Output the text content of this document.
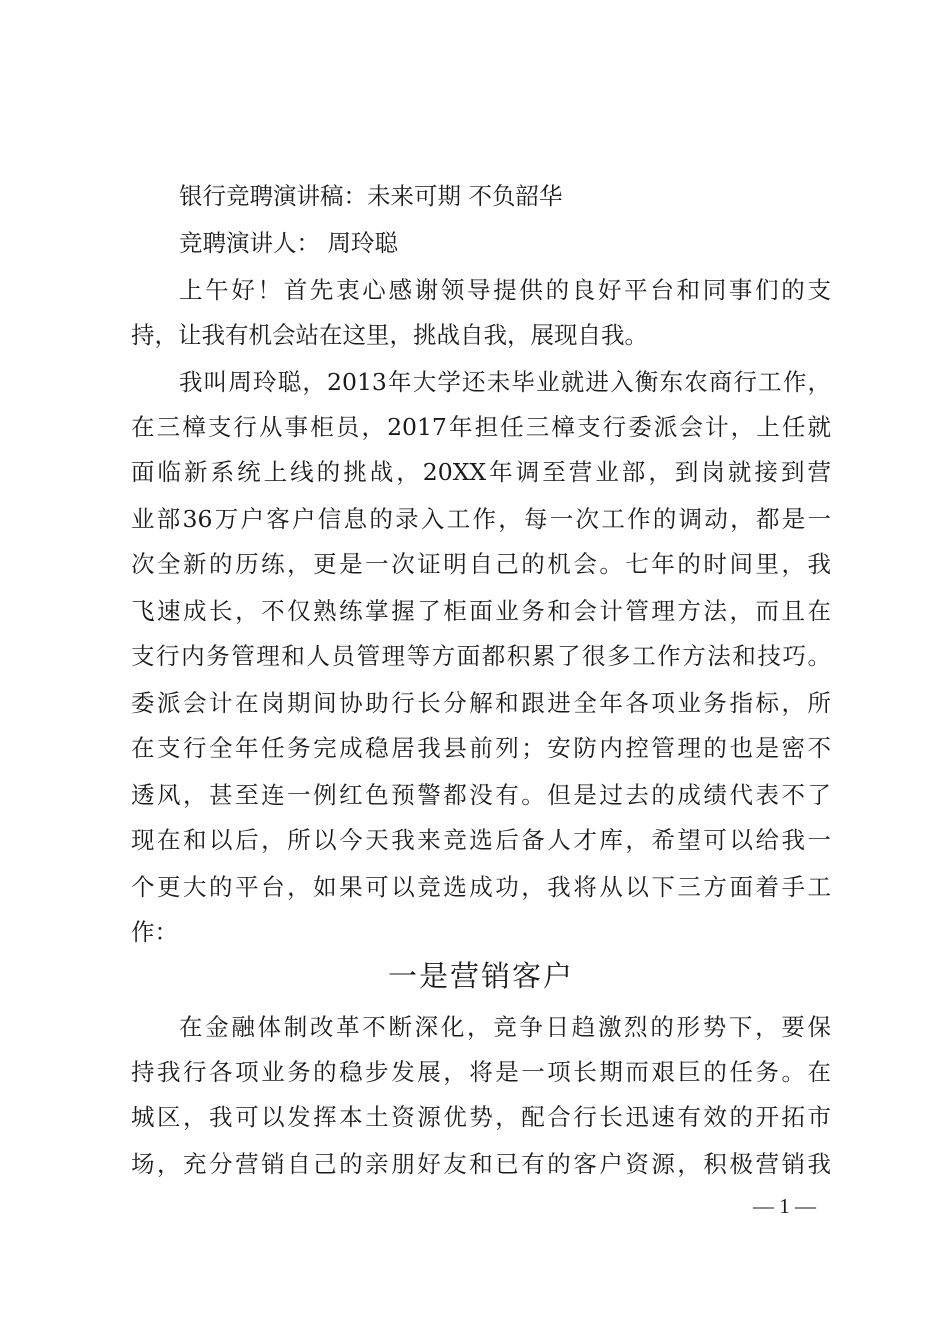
银行竞聘演讲稿：未来可期 不负韶华
竞聘演讲人： 周玲聪
上午好！首先衷心感谢领导提供的良好平台和同事们的支
持，让我有机会站在这里，挑战自我，展现自我。
我叫周玲聪，2013年大学还未毕业就进入衡东农商行工作，
在三樟支行从事柜员，2017年担任三樟支行委派会计，上任就
面临新系统上线的挑战，20XX年调至营业部，到岗就接到营
业部36万户客户信息的录入工作，每一次工作的调动，都是一
次全新的历练，更是一次证明自己的机会。七年的时间里，我
飞速成长，不仅熟练掌握了柜面业务和会计管理方法，而且在
支行内务管理和人员管理等方面都积累了很多工作方法和技巧。
委派会计在岗期间协助行长分解和跟进全年各项业务指标，所
在支行全年任务完成稳居我县前列；安防内控管理的也是密不
透风，甚至连一例红色预警都没有。但是过去的成绩代表不了
现在和以后，所以今天我来竞选后备人才库，希望可以给我一
个更大的平台，如果可以竞选成功，我将从以下三方面着手工
作：
一是营销客户
在金融体制改革不断深化，竞争日趋激烈的形势下，要保
持我行各项业务的稳步发展，将是一项长期而艰巨的任务。在
城区，我可以发挥本土资源优势，配合行长迅速有效的开拓市
场，充分营销自己的亲朋好友和已有的客户资源，积极营销我
— 1 —
